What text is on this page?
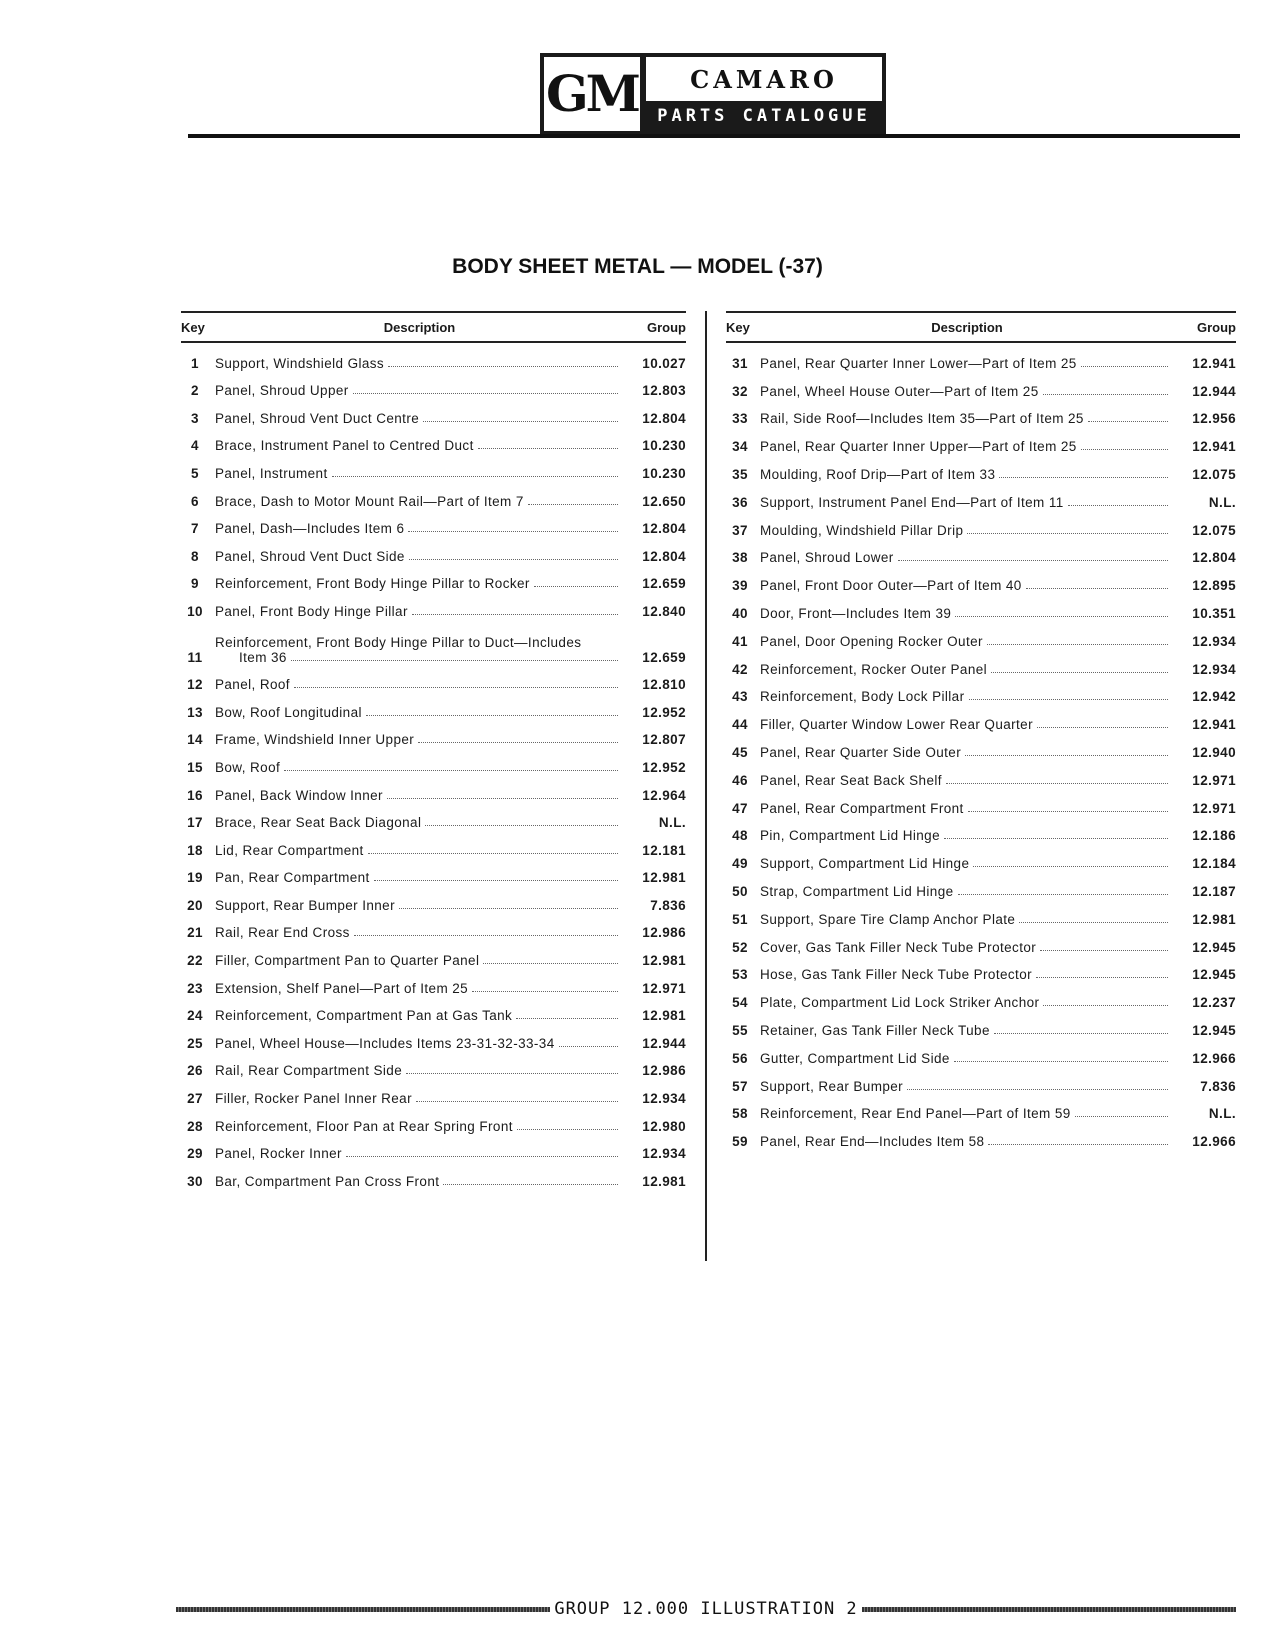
GM	CAMARO
PARTS CATALOGUE
BODY SHEET METAL — MODEL (-37)
Key	Description	Group
1	Support, Windshield Glass	10.027
2	Panel, Shroud Upper	12.803
3	Panel, Shroud Vent Duct Centre	12.804
4	Brace, Instrument Panel to Centred Duct	10.230
5	Panel, Instrument	10.230
6	Brace, Dash to Motor Mount Rail—Part of Item 7	12.650
7	Panel, Dash—Includes Item 6	12.804
8	Panel, Shroud Vent Duct Side	12.804
9	Reinforcement, Front Body Hinge Pillar to Rocker	12.659
10 Panel, Front Body Hinge Pillar	12.840
11
Reinforcement, Front Body Hinge Pillar to Duct—Includes
Item 36	12.659
12 Panel, Roof	12.810
13 Bow, Roof Longitudinal	12.952
14 Frame, Windshield Inner Upper	12.807
15 Bow, Roof	12.952
16 Panel, Back Window Inner	12.964
17 Brace, Rear Seat Back Diagonal	N.L.
18 Lid, Rear Compartment	12.181
19 Pan, Rear Compartment	12.981
20 Support, Rear Bumper Inner	7.836
21 Rail, Rear End Cross	12.986
22 Filler, Compartment Pan to Quarter Panel	12.981
23 Extension, Shelf Panel—Part of Item 25	12.971
24 Reinforcement, Compartment Pan at Gas Tank	12.981
25 Panel, Wheel House—Includes Items 23-31-32-33-34	12.944
26 Rail, Rear Compartment Side	12.986
27 Filler, Rocker Panel Inner Rear	12.934
28 Reinforcement, Floor Pan at Rear Spring Front	12.980
29 Panel, Rocker Inner	12.934
30 Bar, Compartment Pan Cross Front	12.981
Key	Description	Group
31 Panel, Rear Quarter Inner Lower—Part of Item 25	12.941
32 Panel, Wheel House Outer—Part of Item 25	12.944
33 Rail, Side Roof—Includes Item 35—Part of Item 25	12.956
34 Panel, Rear Quarter Inner Upper—Part of Item 25	12.941
35 Moulding, Roof Drip—Part of Item 33	12.075
36 Support, Instrument Panel End—Part of Item 11	N.L.
37 Moulding, Windshield Pillar Drip	12.075
38 Panel, Shroud Lower	12.804
39 Panel, Front Door Outer—Part of Item 40	12.895
40 Door, Front—Includes Item 39	10.351
41 Panel, Door Opening Rocker Outer	12.934
42 Reinforcement, Rocker Outer Panel	12.934
43 Reinforcement, Body Lock Pillar	12.942
44 Filler, Quarter Window Lower Rear Quarter	12.941
45 Panel, Rear Quarter Side Outer	12.940
46 Panel, Rear Seat Back Shelf	12.971
47 Panel, Rear Compartment Front	12.971
48 Pin, Compartment Lid Hinge	12.186
49 Support, Compartment Lid Hinge	12.184
50 Strap, Compartment Lid Hinge	12.187
51 Support, Spare Tire Clamp Anchor Plate	12.981
52 Cover, Gas Tank Filler Neck Tube Protector	12.945
53 Hose, Gas Tank Filler Neck Tube Protector	12.945
54 Plate, Compartment Lid Lock Striker Anchor	12.237
55 Retainer, Gas Tank Filler Neck Tube	12.945
56 Gutter, Compartment Lid Side	12.966
57 Support, Rear Bumper	7.836
58 Reinforcement, Rear End Panel—Part of Item 59	N.L.
59 Panel, Rear End—Includes Item 58	12.966
GROUP 12.000 ILLUSTRATION 2
